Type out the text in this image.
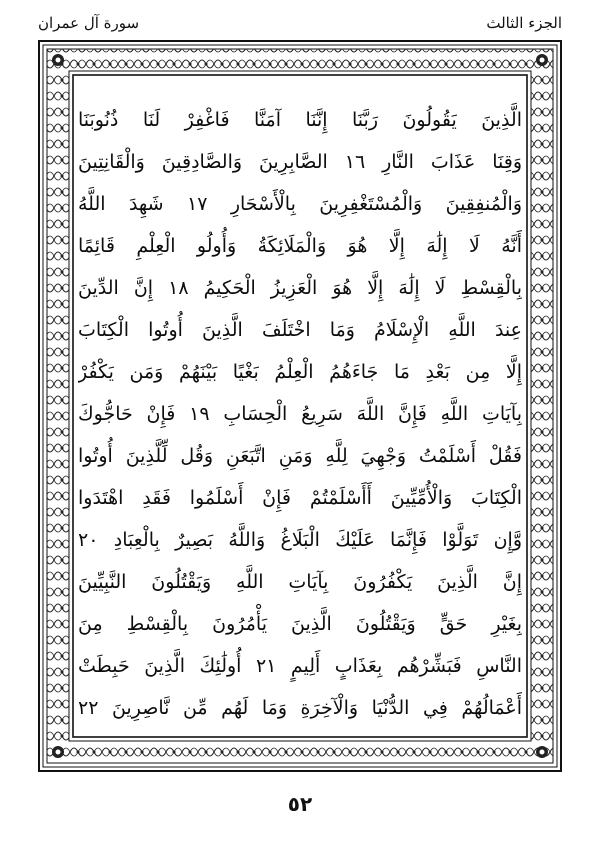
الجزء الثالث
سورة آل عمران
الَّذِينَ يَقُولُونَ رَبَّنَا إِنَّنَا آمَنَّا فَاغْفِرْ لَنَا ذُنُوبَنَا
وَقِنَا عَذَابَ النَّارِ ١٦ الصَّابِرِينَ وَالصَّادِقِينَ وَالْقَانِتِينَ
وَالْمُنفِقِينَ وَالْمُسْتَغْفِرِينَ بِالْأَسْحَارِ ١٧ شَهِدَ اللَّهُ
أَنَّهُ لَا إِلَٰهَ إِلَّا هُوَ وَالْمَلَائِكَةُ وَأُولُو الْعِلْمِ قَائِمًا
بِالْقِسْطِ لَا إِلَٰهَ إِلَّا هُوَ الْعَزِيزُ الْحَكِيمُ ١٨ إِنَّ الدِّينَ
عِندَ اللَّهِ الْإِسْلَامُ وَمَا اخْتَلَفَ الَّذِينَ أُوتُوا الْكِتَابَ
إِلَّا مِن بَعْدِ مَا جَاءَهُمُ الْعِلْمُ بَغْيًا بَيْنَهُمْ وَمَن يَكْفُرْ
بِآيَاتِ اللَّهِ فَإِنَّ اللَّهَ سَرِيعُ الْحِسَابِ ١٩ فَإِنْ حَاجُّوكَ
فَقُلْ أَسْلَمْتُ وَجْهِيَ لِلَّهِ وَمَنِ اتَّبَعَنِ وَقُل لِّلَّذِينَ أُوتُوا
الْكِتَابَ وَالْأُمِّيِّينَ أَأَسْلَمْتُمْ فَإِنْ أَسْلَمُوا فَقَدِ اهْتَدَوا
وَّإِن تَوَلَّوْا فَإِنَّمَا عَلَيْكَ الْبَلَاغُ وَاللَّهُ بَصِيرٌ بِالْعِبَادِ ٢٠
إِنَّ الَّذِينَ يَكْفُرُونَ بِآيَاتِ اللَّهِ وَيَقْتُلُونَ النَّبِيِّينَ
بِغَيْرِ حَقٍّ وَيَقْتُلُونَ الَّذِينَ يَأْمُرُونَ بِالْقِسْطِ مِنَ
النَّاسِ فَبَشِّرْهُم بِعَذَابٍ أَلِيمٍ ٢١ أُولَٰئِكَ الَّذِينَ حَبِطَتْ
أَعْمَالُهُمْ فِي الدُّنْيَا وَالْآخِرَةِ وَمَا لَهُم مِّن نَّاصِرِينَ ٢٢
٥٢
